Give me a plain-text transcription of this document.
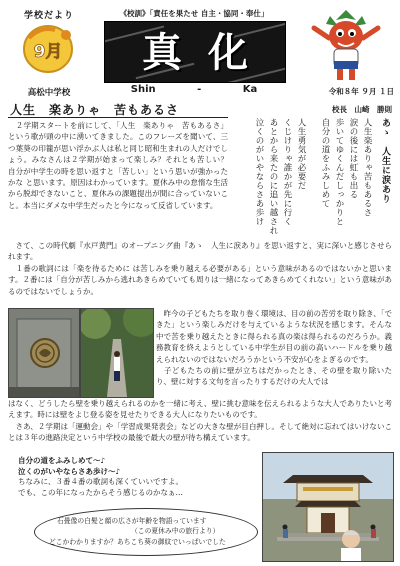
学校だより
9月
高松中学校
《校訓》「責任を果たせ 自主・協同・奉仕」
真化
Shin - Ka	令和８年 ９月 １日
人生　楽ありゃ　苦もあるさ	校長　山崎　勝則
　２学期スタートを前にして、「人生　楽ありゃ　苦もあるさ」という歌が頭の中に湧いてきました。このフレーズを聞いて、三つ葉葵の印籠が思い浮かぶ人は私と同じ昭和生まれの人だけでしょう。みなさんは２学期が始まって楽しみ？それとも苦しい？　自分が中学生の時を思い返すと「苦しい」という思いが強かったかな と思います。原因はわかっています。夏休み中の怠惰な生活から脱却できないこと、夏休みの課題提出が間に合っていないこと。本当にダメな中学生だったと今になって反省しています。
あゝ　人生に涙あり
人生楽ありゃ苦もあるさ
涙の後には虹も出る
歩いてゆくんだしっかりと
自分の道をふみしめて
人生勇気が必要だ
くじけりゃ誰かが先に行く
あとから来たのに追い越され
泣くのがいやならさあ歩け
　さて、この時代劇『水戸黄門』のオープニング曲『あゝ　人生に涙あり』を思い返すと、実に深いと感じさせられます。
　１番の歌詞には「楽を待るために は苦しみを乗り越える必要がある」という意味があるのではないかと思います。２番には「自分が苦しみから逃れあきらめていても周りは一緒になってあきらめてくれない」という意味があるのではないでしょうか。
　昨今の子どもたちを取り巻く環境は、目の前の苦労を取り除き、「できた」という楽しみだけを与えているような状況を感じます。そんな中で苦を乗り越えたときに得られる真の楽は得られるのだろうか。義務教育を終えようとしている中学生が目の前の高いハードルを乗り越えられないのではないだろうかという不安が心をよぎるのです。
　子どもたちの前に壁が立ちはだかったとき、その壁を取り除いたり、壁に対する文句を言ったりするだけの大人では
はなく、どうしたら壁を乗り越えられるのかを一緒に考え、壁に挑む意味を伝えられるような大人でありたいと考えます。時には壁をよじ登る姿を見せたりできる大人になりたいものです。
　さあ、２学期は「運動会」や「学習成果発表会」などの大きな壁が目白押し。そして絶対に忘れてはいけないことは３年の進路決定という中学校の最後で最大の壁が待ち構えています。
自分の道をふみしめて～♪
泣くのがいやならさあ歩け～♪
ちなみに、３番４番の歌詞も深くていいですよ。
でも、この年になったからそう感じるのかなぁ…
石畳像の白髪と顔の広さが年齢を物語っています
（この夏休み中の旅行より）
どこかわかりますか？あちこち葵の御紋でいっぱいでした
